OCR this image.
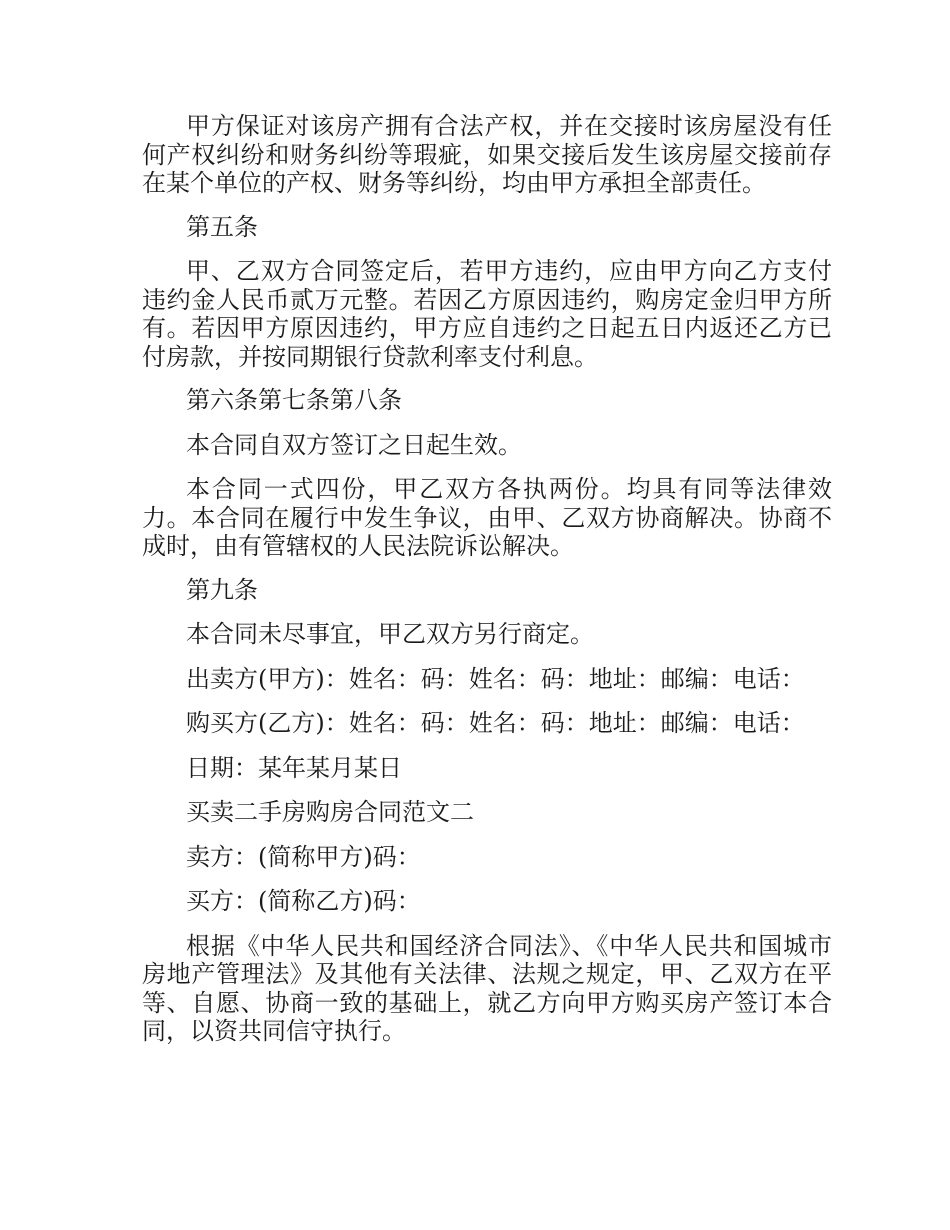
甲方保证对该房产拥有合法产权，并在交接时该房屋没有任何产权纠纷和财务纠纷等瑕疵，如果交接后发生该房屋交接前存在某个单位的产权、财务等纠纷，均由甲方承担全部责任。

第五条

甲、乙双方合同签定后，若甲方违约，应由甲方向乙方支付违约金人民币贰万元整。若因乙方原因违约，购房定金归甲方所有。若因甲方原因违约，甲方应自违约之日起五日内返还乙方已付房款，并按同期银行贷款利率支付利息。

第六条第七条第八条

本合同自双方签订之日起生效。

本合同一式四份，甲乙双方各执两份。均具有同等法律效力。本合同在履行中发生争议，由甲、乙双方协商解决。协商不成时，由有管辖权的人民法院诉讼解决。

第九条

本合同未尽事宜，甲乙双方另行商定。

出卖方(甲方)：姓名：码：姓名：码：地址：邮编：电话：

购买方(乙方)：姓名：码：姓名：码：地址：邮编：电话：

日期：某年某月某日

买卖二手房购房合同范文二

卖方：(简称甲方)码：

买方：(简称乙方)码：

根据《中华人民共和国经济合同法》、《中华人民共和国城市房地产管理法》及其他有关法律、法规之规定，甲、乙双方在平等、自愿、协商一致的基础上，就乙方向甲方购买房产签订本合同，以资共同信守执行。
